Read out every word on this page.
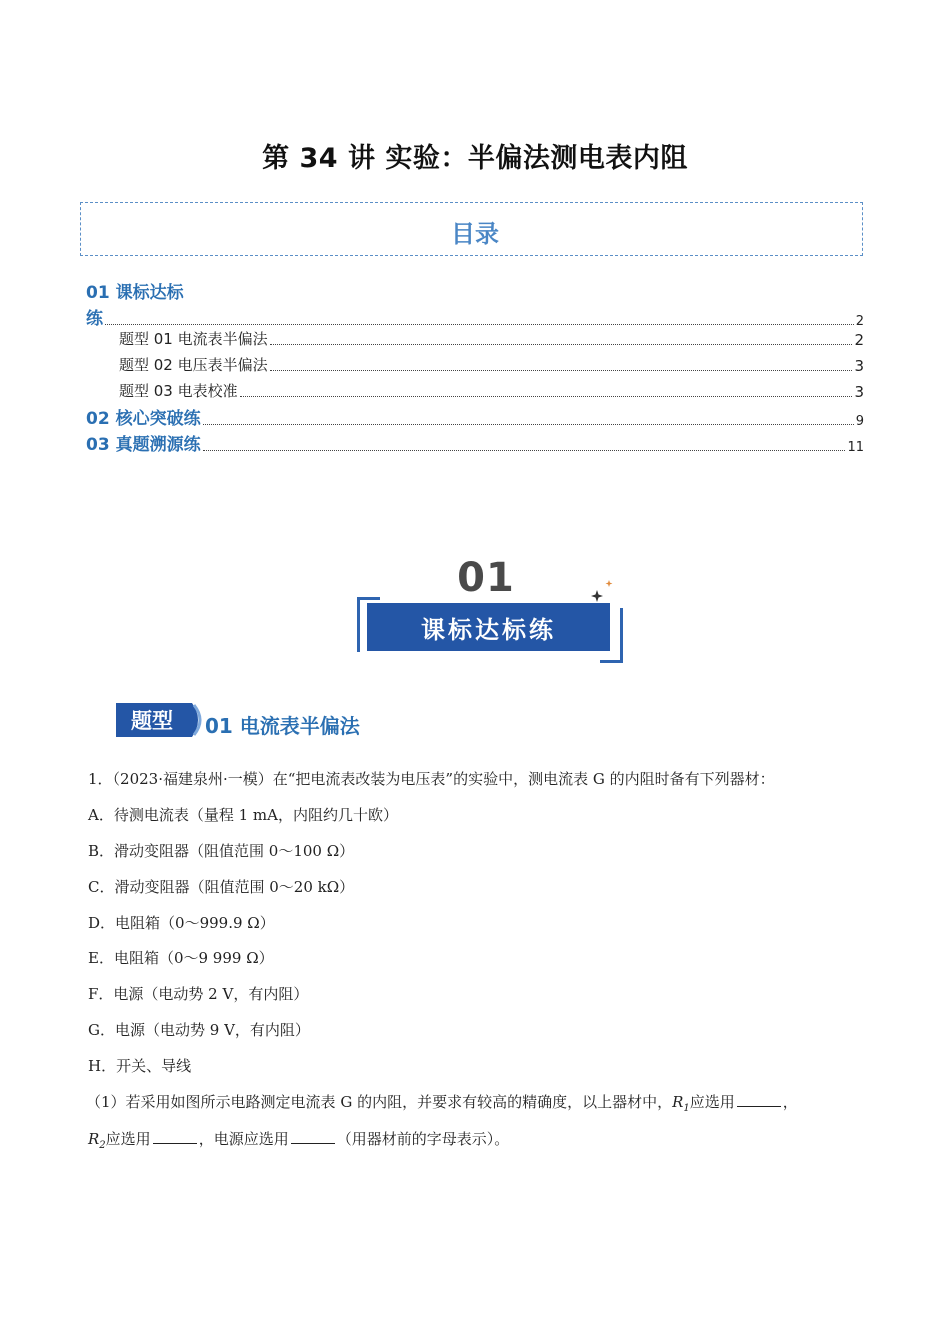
第 34 讲 实验：半偏法测电表内阻
目录
01 课标达标
练	2
题型 01 电流表半偏法	2
题型 02 电压表半偏法	3
题型 03 电表校准	3
02 核心突破练	9
03 真题溯源练	11
01
课标达标练
题型 01 电流表半偏法
1．（2023·福建泉州·一模）在“把电流表改装为电压表”的实验中，测电流表 G 的内阻时备有下列器材：
A．待测电流表（量程 1 mA，内阻约几十欧）
B．滑动变阻器（阻值范围 0～100 Ω）
C．滑动变阻器（阻值范围 0～20 kΩ）
D．电阻箱（0～999.9 Ω）
E．电阻箱（0～9 999 Ω）
F．电源（电动势 2 V，有内阻）
G．电源（电动势 9 V，有内阻）
H．开关、导线
（1）若采用如图所示电路测定电流表 G 的内阻，并要求有较高的精确度，以上器材中，$R_1$应选用	，
$R_2$应选用	，电源应选用	（用器材前的字母表示）。
